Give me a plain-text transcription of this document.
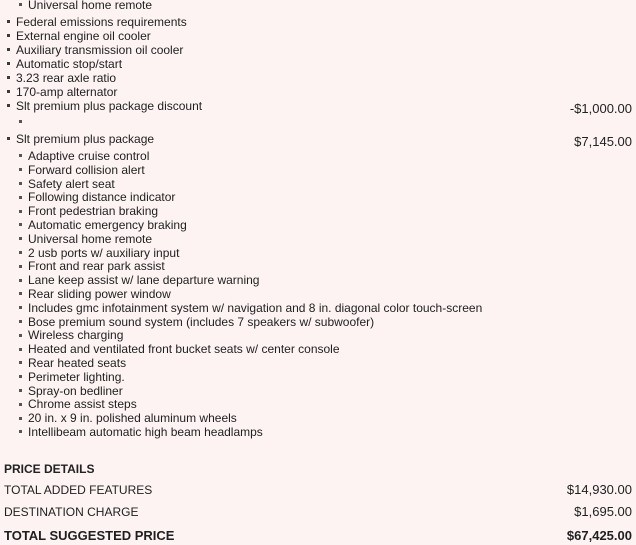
Universal home remote
Federal emissions requirements
External engine oil cooler
Auxiliary transmission oil cooler
Automatic stop/start
3.23 rear axle ratio
170-amp alternator
Slt premium plus package discount	-$1,000.00
Slt premium plus package	$7,145.00
Adaptive cruise control
Forward collision alert
Safety alert seat
Following distance indicator
Front pedestrian braking
Automatic emergency braking
Universal home remote
2 usb ports w/ auxiliary input
Front and rear park assist
Lane keep assist w/ lane departure warning
Rear sliding power window
Includes gmc infotainment system w/ navigation and 8 in. diagonal color touch-screen
Bose premium sound system (includes 7 speakers w/ subwoofer)
Wireless charging
Heated and ventilated front bucket seats w/ center console
Rear heated seats
Perimeter lighting.
Spray-on bedliner
Chrome assist steps
20 in. x 9 in. polished aluminum wheels
Intellibeam automatic high beam headlamps
PRICE DETAILS
TOTAL ADDED FEATURES	$14,930.00
DESTINATION CHARGE	$1,695.00
TOTAL SUGGESTED PRICE	$67,425.00
